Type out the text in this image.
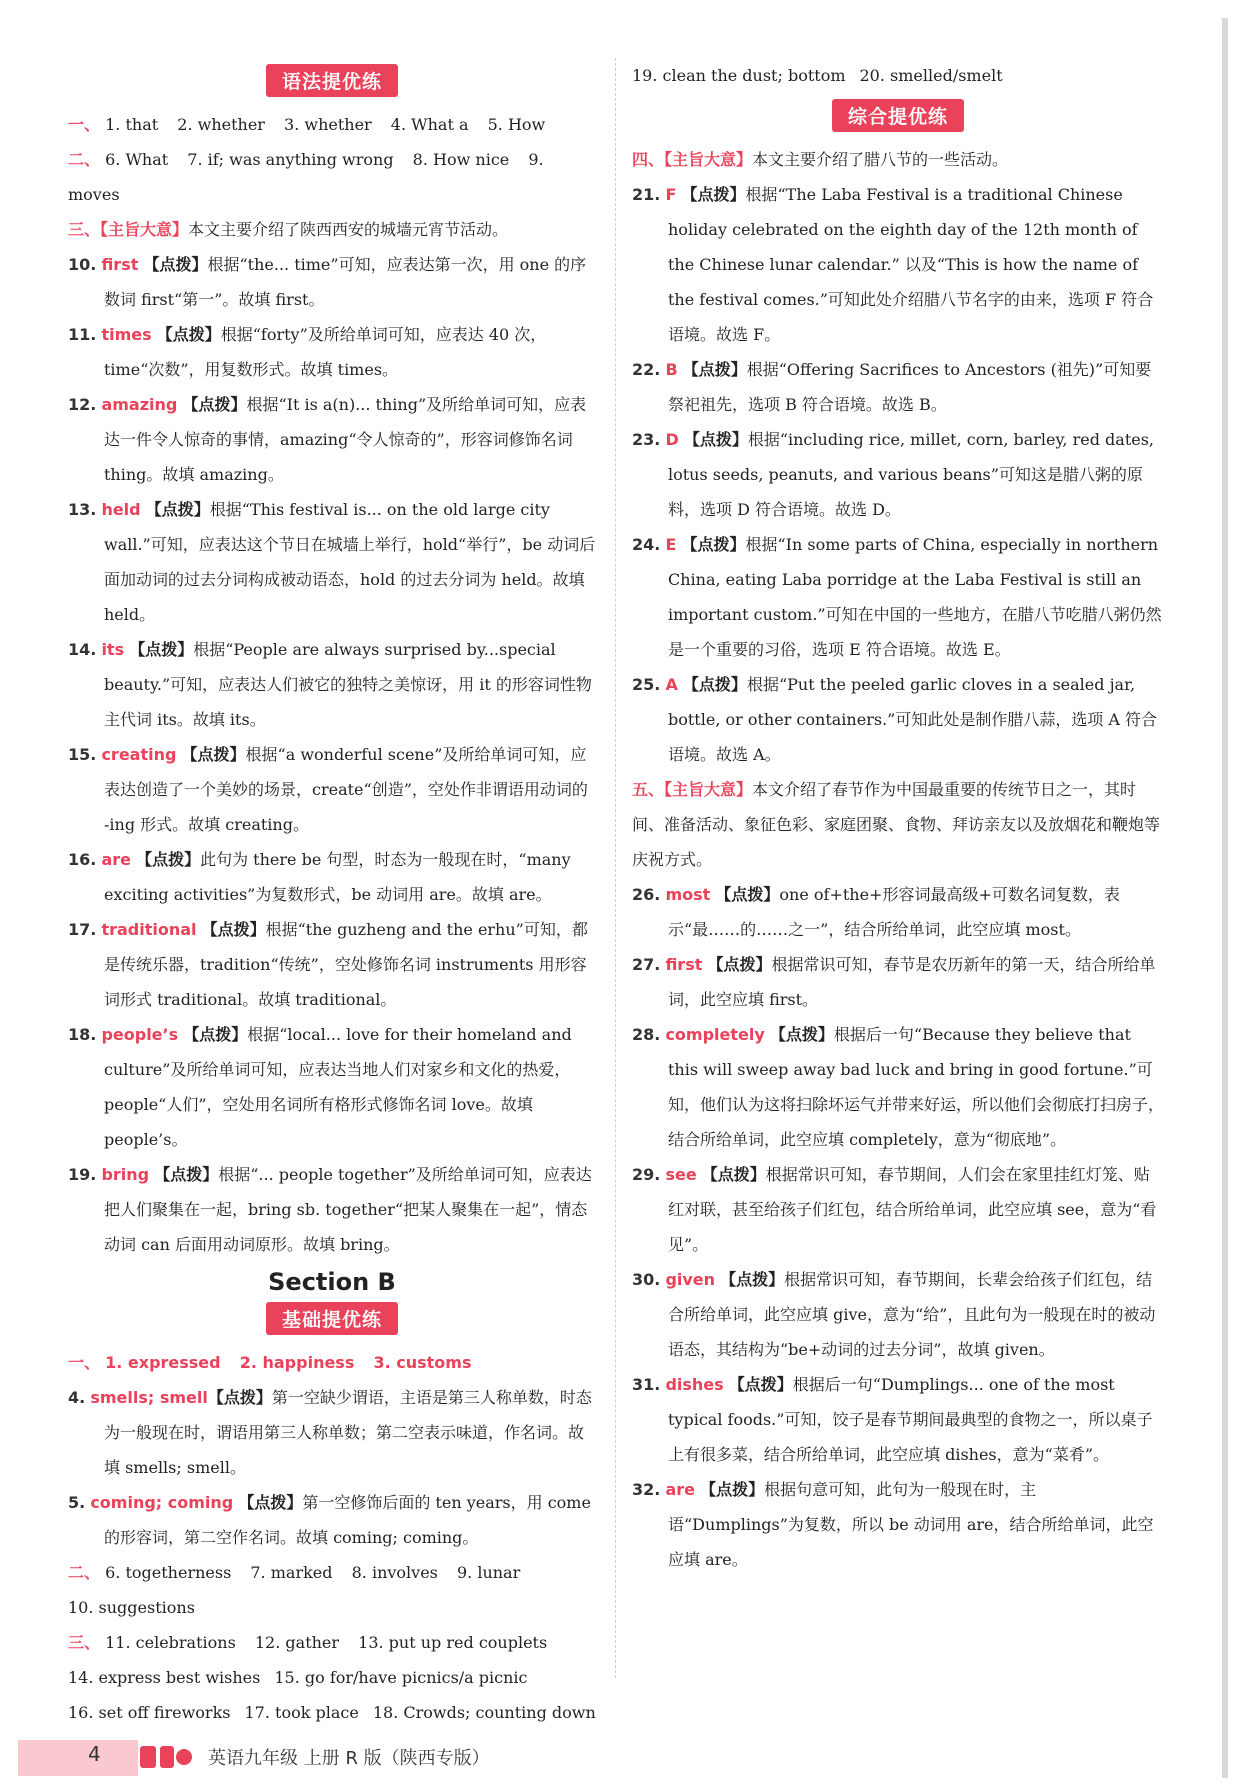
语法提优练

一、 1. that 2. whether 3. whether 4. What a 5. How

二、 6. What 7. if; was anything wrong 8. How nice 9. moves

三、【主旨大意】本文主要介绍了陕西西安的城墙元宵节活动。

10. first 【点拨】根据“the... time”可知，应表达第一次，用 one 的序数词 first“第一”。故填 first。

11. times 【点拨】根据“forty”及所给单词可知，应表达 40 次，time“次数”，用复数形式。故填 times。

12. amazing 【点拨】根据“It is a(n)... thing”及所给单词可知，应表达一件令人惊奇的事情，amazing“令人惊奇的”，形容词修饰名词 thing。故填 amazing。

13. held 【点拨】根据“This festival is... on the old large city wall.”可知，应表达这个节日在城墙上举行，hold“举行”，be 动词后面加动词的过去分词构成被动语态，hold 的过去分词为 held。故填 held。

14. its 【点拨】根据“People are always surprised by...special beauty.”可知，应表达人们被它的独特之美惊讶，用 it 的形容词性物主代词 its。故填 its。

15. creating 【点拨】根据“a wonderful scene”及所给单词可知，应表达创造了一个美妙的场景，create“创造”，空处作非谓语用动词的 -ing 形式。故填 creating。

16. are 【点拨】此句为 there be 句型，时态为一般现在时，“many exciting activities”为复数形式，be 动词用 are。故填 are。

17. traditional 【点拨】根据“the guzheng and the erhu”可知，都是传统乐器，tradition“传统”，空处修饰名词 instruments 用形容词形式 traditional。故填 traditional。

18. people’s 【点拨】根据“local... love for their homeland and culture”及所给单词可知，应表达当地人们对家乡和文化的热爱，people“人们”，空处用名词所有格形式修饰名词 love。故填 people’s。

19. bring 【点拨】根据“... people together”及所给单词可知，应表达把人们聚集在一起，bring sb. together“把某人聚集在一起”，情态动词 can 后面用动词原形。故填 bring。

Section B
基础提优练

一、 1. expressed 2. happiness 3. customs

4. smells; smell【点拨】第一空缺少谓语，主语是第三人称单数，时态为一般现在时，谓语用第三人称单数；第二空表示味道，作名词。故填 smells; smell。

5. coming; coming 【点拨】第一空修饰后面的 ten years，用 come 的形容词，第二空作名词。故填 coming; coming。

二、 6. togetherness 7. marked 8. involves 9. lunar

10. suggestions

三、 11. celebrations 12. gather 13. put up red couplets

14. express best wishes 15. go for/have picnics/a picnic

16. set off fireworks 17. took place 18. Crowds; counting down

19. clean the dust; bottom 20. smelled/smelt

综合提优练

四、【主旨大意】本文主要介绍了腊八节的一些活动。

21. F 【点拨】根据“The Laba Festival is a traditional Chinese holiday celebrated on the eighth day of the 12th month of the Chinese lunar calendar.” 以及“This is how the name of the festival comes.”可知此处介绍腊八节名字的由来，选项 F 符合语境。故选 F。

22. B 【点拨】根据“Offering Sacrifices to Ancestors (祖先)”可知要祭祀祖先，选项 B 符合语境。故选 B。

23. D 【点拨】根据“including rice, millet, corn, barley, red dates, lotus seeds, peanuts, and various beans”可知这是腊八粥的原料，选项 D 符合语境。故选 D。

24. E 【点拨】根据“In some parts of China, especially in northern China, eating Laba porridge at the Laba Festival is still an important custom.”可知在中国的一些地方，在腊八节吃腊八粥仍然是一个重要的习俗，选项 E 符合语境。故选 E。

25. A 【点拨】根据“Put the peeled garlic cloves in a sealed jar, bottle, or other containers.”可知此处是制作腊八蒜，选项 A 符合语境。故选 A。

五、【主旨大意】本文介绍了春节作为中国最重要的传统节日之一，其时间、准备活动、象征色彩、家庭团聚、食物、拜访亲友以及放烟花和鞭炮等庆祝方式。

26. most 【点拨】one of+the+形容词最高级+可数名词复数，表示“最……的……之一”，结合所给单词，此空应填 most。

27. first 【点拨】根据常识可知，春节是农历新年的第一天，结合所给单词，此空应填 first。

28. completely 【点拨】根据后一句“Because they believe that this will sweep away bad luck and bring in good fortune.”可知，他们认为这将扫除坏运气并带来好运，所以他们会彻底打扫房子，结合所给单词，此空应填 completely，意为“彻底地”。

29. see 【点拨】根据常识可知，春节期间，人们会在家里挂红灯笼、贴红对联，甚至给孩子们红包，结合所给单词，此空应填 see，意为“看见”。

30. given 【点拨】根据常识可知，春节期间，长辈会给孩子们红包，结合所给单词，此空应填 give，意为“给”，且此句为一般现在时的被动语态，其结构为“be+动词的过去分词”，故填 given。

31. dishes 【点拨】根据后一句“Dumplings... one of the most typical foods.”可知，饺子是春节期间最典型的食物之一，所以桌子上有很多菜，结合所给单词，此空应填 dishes，意为“菜肴”。

32. are 【点拨】根据句意可知，此句为一般现在时，主语“Dumplings”为复数，所以 be 动词用 are，结合所给单词，此空应填 are。

4	英语九年级 上册 R 版（陕西专版）
